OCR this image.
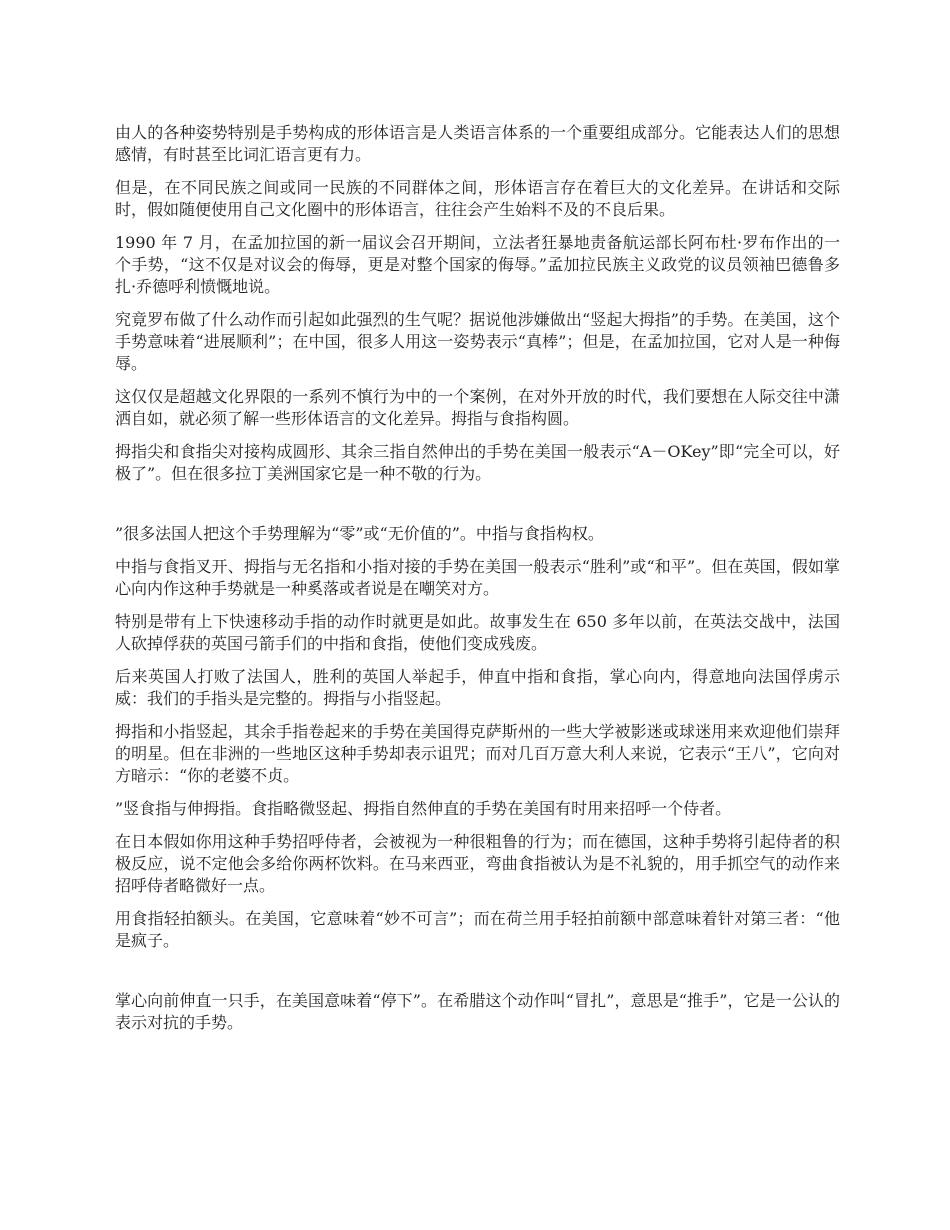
由人的各种姿势特别是手势构成的形体语言是人类语言体系的一个重要组成部分。它能表达人们的思想感情，有时甚至比词汇语言更有力。

但是，在不同民族之间或同一民族的不同群体之间，形体语言存在着巨大的文化差异。在讲话和交际时，假如随便使用自己文化圈中的形体语言，往往会产生始料不及的不良后果。

1990 年 7 月，在孟加拉国的新一届议会召开期间，立法者狂暴地责备航运部长阿布杜·罗布作出的一个手势，“这不仅是对议会的侮辱，更是对整个国家的侮辱。”孟加拉民族主义政党的议员领袖巴德鲁多扎·乔德呼利愤慨地说。

究竟罗布做了什么动作而引起如此强烈的生气呢？据说他涉嫌做出“竖起大拇指”的手势。在美国，这个手势意味着“进展顺利”；在中国，很多人用这一姿势表示“真棒”；但是，在孟加拉国，它对人是一种侮辱。

这仅仅是超越文化界限的一系列不慎行为中的一个案例，在对外开放的时代，我们要想在人际交往中潇洒自如，就必须了解一些形体语言的文化差异。拇指与食指构圆。

拇指尖和食指尖对接构成圆形、其余三指自然伸出的手势在美国一般表示“A－OKey”即“完全可以，好极了”。但在很多拉丁美洲国家它是一种不敬的行为。

”很多法国人把这个手势理解为“零”或“无价值的”。中指与食指构权。

中指与食指叉开、拇指与无名指和小指对接的手势在美国一般表示“胜利”或“和平”。但在英国，假如掌心向内作这种手势就是一种奚落或者说是在嘲笑对方。

特别是带有上下快速移动手指的动作时就更是如此。故事发生在 650 多年以前，在英法交战中，法国人砍掉俘获的英国弓箭手们的中指和食指，使他们变成残废。

后来英国人打败了法国人，胜利的英国人举起手，伸直中指和食指，掌心向内，得意地向法国俘虏示威：我们的手指头是完整的。拇指与小指竖起。

拇指和小指竖起，其余手指卷起来的手势在美国得克萨斯州的一些大学被影迷或球迷用来欢迎他们崇拜的明星。但在非洲的一些地区这种手势却表示诅咒；而对几百万意大利人来说，它表示“王八”，它向对方暗示：“你的老婆不贞。

”竖食指与伸拇指。食指略微竖起、拇指自然伸直的手势在美国有时用来招呼一个侍者。

在日本假如你用这种手势招呼侍者，会被视为一种很粗鲁的行为；而在德国，这种手势将引起侍者的积极反应，说不定他会多给你两杯饮料。在马来西亚，弯曲食指被认为是不礼貌的，用手抓空气的动作来招呼侍者略微好一点。

用食指轻拍额头。在美国，它意味着“妙不可言”；而在荷兰用手轻拍前额中部意味着针对第三者：“他是疯子。

掌心向前伸直一只手，在美国意味着“停下”。在希腊这个动作叫“冒扎”，意思是“推手”，它是一公认的表示对抗的手势。
